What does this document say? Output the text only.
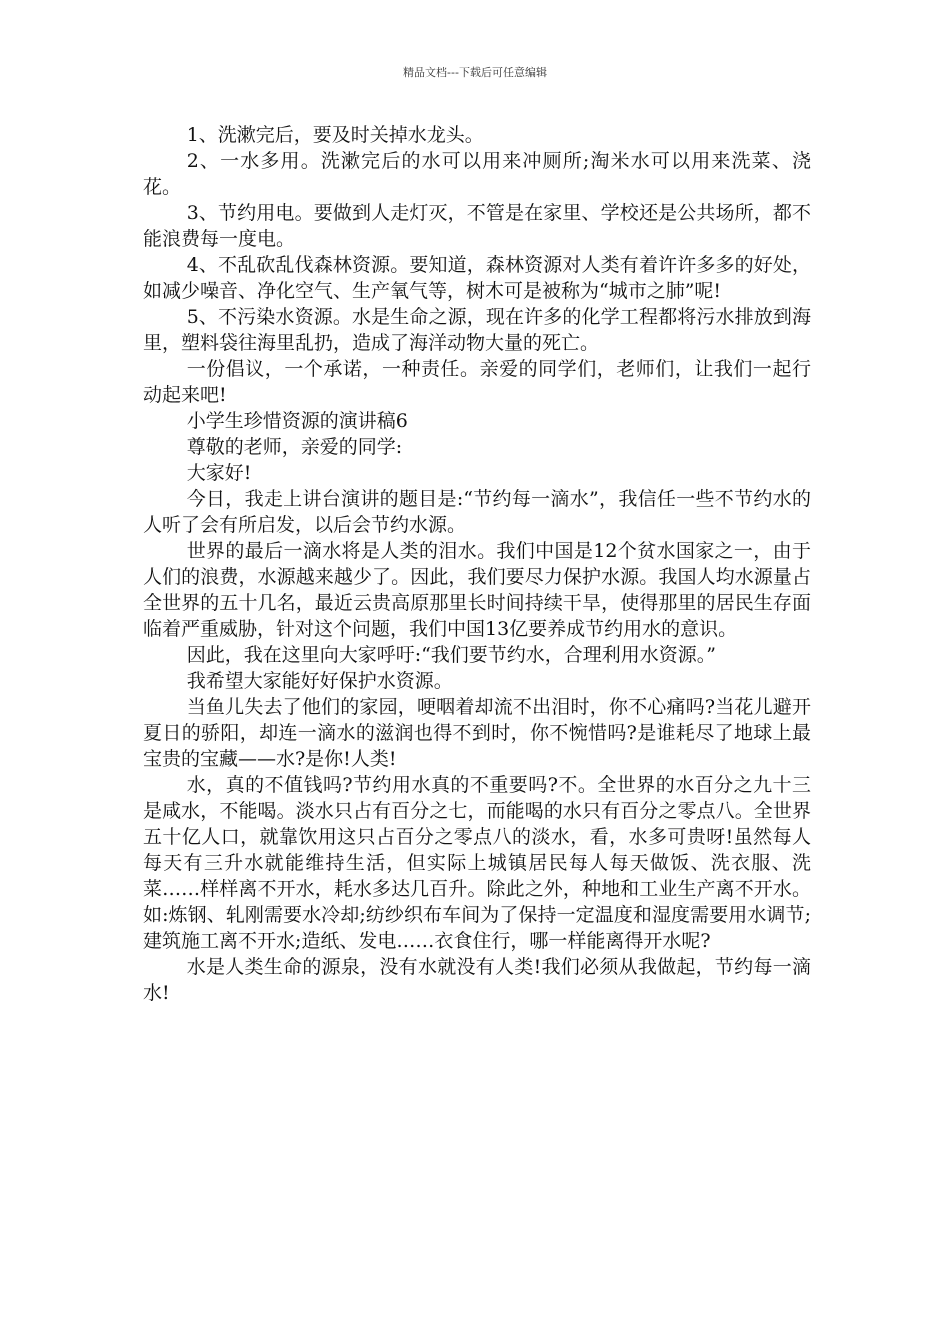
精品文档---下载后可任意编辑

1、洗漱完后，要及时关掉水龙头。

2、一水多用。洗漱完后的水可以用来冲厕所;淘米水可以用来洗菜、浇花。

3、节约用电。要做到人走灯灭，不管是在家里、学校还是公共场所，都不能浪费每一度电。

4、不乱砍乱伐森林资源。要知道，森林资源对人类有着许许多多的好处，如减少噪音、净化空气、生产氧气等，树木可是被称为“城市之肺”呢!

5、不污染水资源。水是生命之源，现在许多的化学工程都将污水排放到海里，塑料袋往海里乱扔，造成了海洋动物大量的死亡。

一份倡议，一个承诺，一种责任。亲爱的同学们，老师们，让我们一起行动起来吧!

小学生珍惜资源的演讲稿6

尊敬的老师，亲爱的同学:

大家好!

今日，我走上讲台演讲的题目是:“节约每一滴水”，我信任一些不节约水的人听了会有所启发，以后会节约水源。

世界的最后一滴水将是人类的泪水。我们中国是12个贫水国家之一，由于人们的浪费，水源越来越少了。因此，我们要尽力保护水源。我国人均水源量占全世界的五十几名，最近云贵高原那里长时间持续干旱，使得那里的居民生存面临着严重威胁，针对这个问题，我们中国13亿要养成节约用水的意识。

因此，我在这里向大家呼吁:“我们要节约水，合理利用水资源。”

我希望大家能好好保护水资源。

当鱼儿失去了他们的家园，哽咽着却流不出泪时，你不心痛吗?当花儿避开夏日的骄阳，却连一滴水的滋润也得不到时，你不惋惜吗?是谁耗尽了地球上最宝贵的宝藏——水?是你!人类!

水，真的不值钱吗?节约用水真的不重要吗?不。全世界的水百分之九十三是咸水，不能喝。淡水只占有百分之七，而能喝的水只有百分之零点八。全世界五十亿人口，就靠饮用这只占百分之零点八的淡水，看，水多可贵呀!虽然每人每天有三升水就能维持生活，但实际上城镇居民每人每天做饭、洗衣服、洗菜……样样离不开水，耗水多达几百升。除此之外，种地和工业生产离不开水。如:炼钢、轧刚需要水冷却;纺纱织布车间为了保持一定温度和湿度需要用水调节;建筑施工离不开水;造纸、发电……衣食住行，哪一样能离得开水呢?

水是人类生命的源泉，没有水就没有人类!我们必须从我做起，节约每一滴水!
